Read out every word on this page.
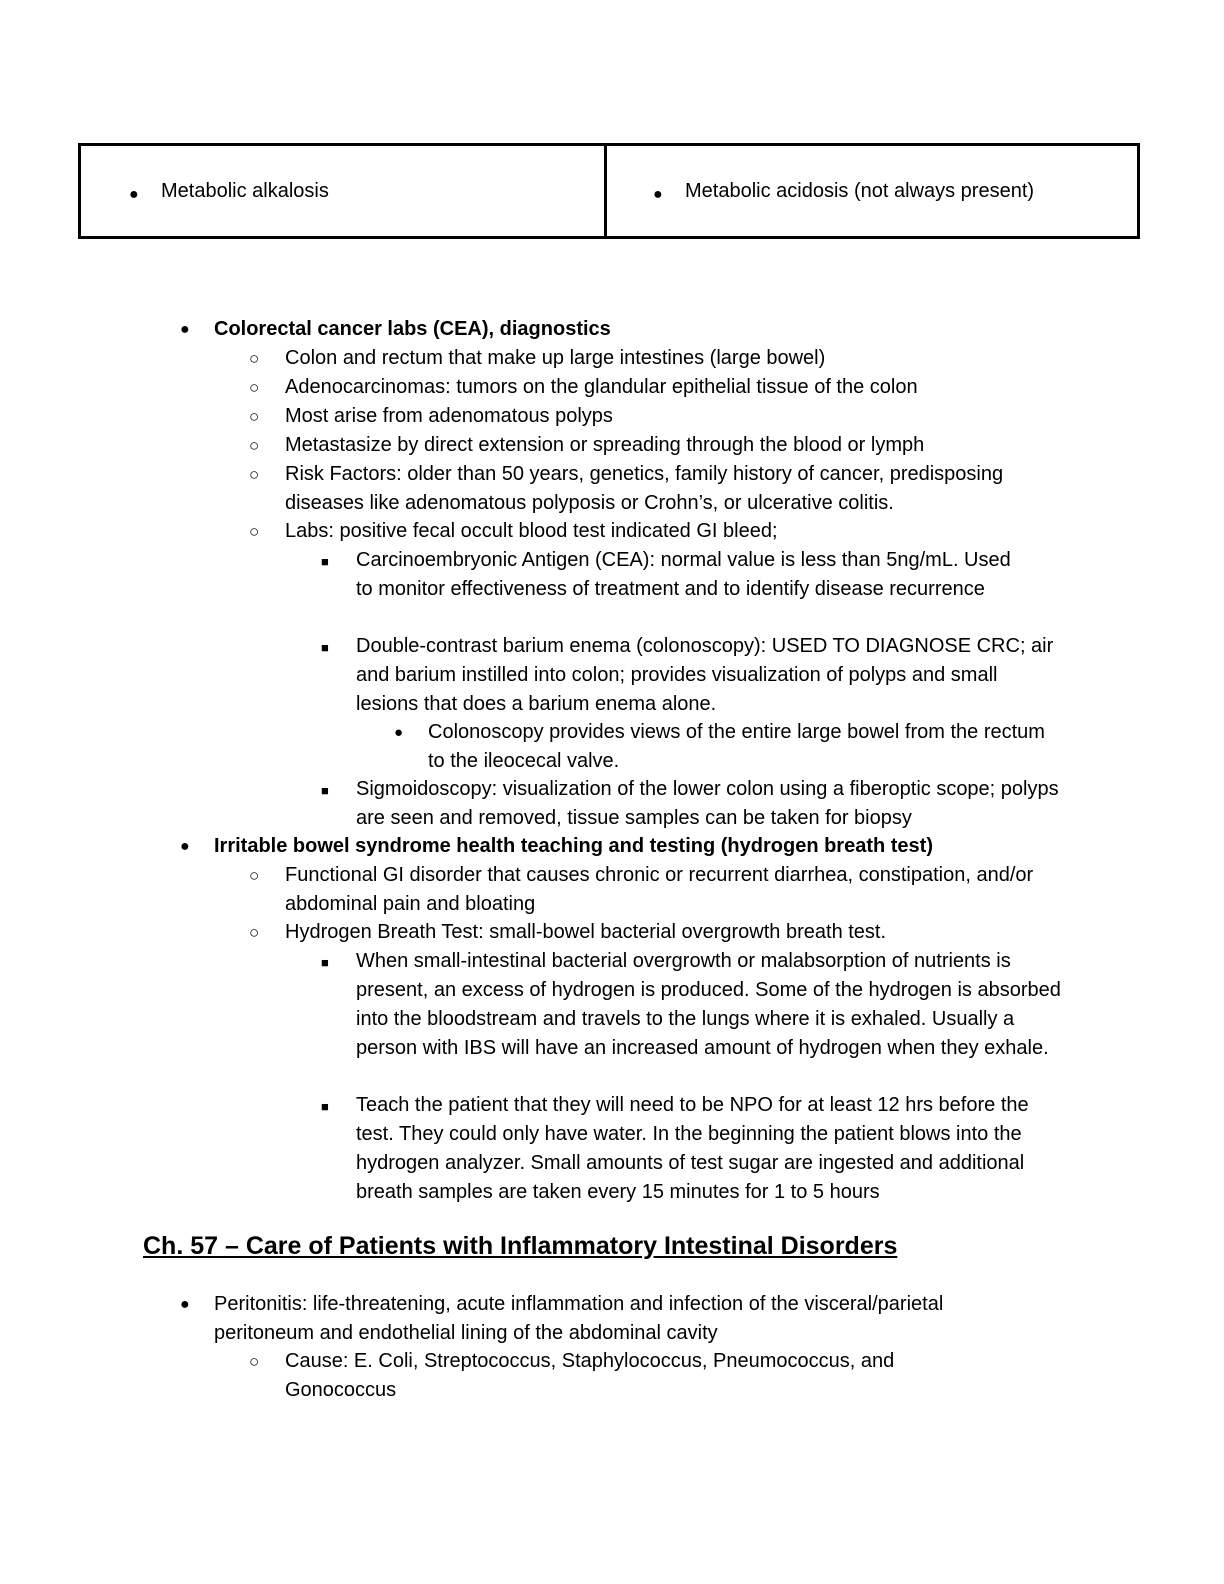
● Metabolic alkalosis	● Metabolic acidosis (not always present)
● Colorectal cancer labs (CEA), diagnostics
○ Colon and rectum that make up large intestines (large bowel)
○ Adenocarcinomas: tumors on the glandular epithelial tissue of the colon
○ Most arise from adenomatous polyps
○ Metastasize by direct extension or spreading through the blood or lymph
○ Risk Factors: older than 50 years, genetics, family history of cancer, predisposing diseases like adenomatous polyposis or Crohn’s, or ulcerative colitis.
○ Labs: positive fecal occult blood test indicated GI bleed;
■ Carcinoembryonic Antigen (CEA): normal value is less than 5ng/mL. Used to monitor effectiveness of treatment and to identify disease recurrence
■ Double-contrast barium enema (colonoscopy): USED TO DIAGNOSE CRC; air and barium instilled into colon; provides visualization of polyps and small lesions that does a barium enema alone.
● Colonoscopy provides views of the entire large bowel from the rectum to the ileocecal valve.
■ Sigmoidoscopy: visualization of the lower colon using a fiberoptic scope; polyps are seen and removed, tissue samples can be taken for biopsy
● Irritable bowel syndrome health teaching and testing (hydrogen breath test)
○ Functional GI disorder that causes chronic or recurrent diarrhea, constipation, and/or abdominal pain and bloating
○ Hydrogen Breath Test: small-bowel bacterial overgrowth breath test.
■ When small-intestinal bacterial overgrowth or malabsorption of nutrients is present, an excess of hydrogen is produced. Some of the hydrogen is absorbed into the bloodstream and travels to the lungs where it is exhaled. Usually a person with IBS will have an increased amount of hydrogen when they exhale.
■ Teach the patient that they will need to be NPO for at least 12 hrs before the test. They could only have water. In the beginning the patient blows into the hydrogen analyzer. Small amounts of test sugar are ingested and additional breath samples are taken every 15 minutes for 1 to 5 hours
Ch. 57 – Care of Patients with Inflammatory Intestinal Disorders
● Peritonitis: life-threatening, acute inflammation and infection of the visceral/parietal peritoneum and endothelial lining of the abdominal cavity
○ Cause: E. Coli, Streptococcus, Staphylococcus, Pneumococcus, and Gonococcus
